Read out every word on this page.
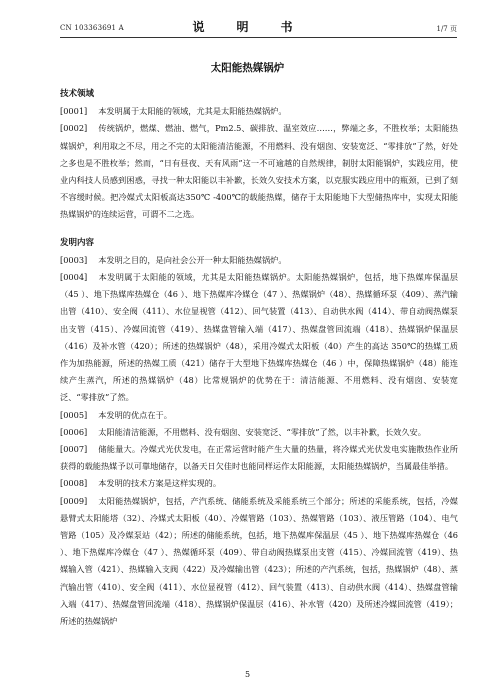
CN 103363691 A	说　明　书	1/7 页
太阳能热媒锅炉
技术领域

[0001] 本发明属于太阳能的领域，尤其是太阳能热媒锅炉。

[0002] 传统锅炉，燃煤、燃油、燃气，Pm2.5、碳排放、温室效应……，弊端之多，不胜枚举；太阳能热媒锅炉，利用取之不尽，用之不完的太阳能清洁能源，不用燃料、没有烟囱、安装宽泛、“零排放”了然，好处之多也是不胜枚举；然而，“日有昼夜、天有风雨”这一不可逾越的自然规律，制肘太阳能锅炉，实践应用，使业内科技人员感到困惑，寻找一种太阳能以丰补歉，长效久安技术方案，以克服实践应用中的瓶颈，已到了刻不容缓时候。把冷媒式太阳板高达350℃ -400℃的载能热媒，储存于太阳能地下大型储热库中，实现太阳能热媒锅炉的连续运营，可谓不二之选。

发明内容

[0003] 本发明之目的，是向社会公开一种太阳能热媒锅炉。

[0004] 本发明属于太阳能的领域，尤其是太阳能热媒锅炉。太阳能热媒锅炉，包括，地下热媒库保温层（45 ）、地下热媒库热媒仓（46 ）、地下热媒库冷媒仓（47 ）、热媒锅炉（48）、热媒循环泵（409）、蒸汽输出管（410）、安全阀（411）、水位显视管（412）、回气装置（413）、自动供水阀（414）、带自动阀热媒泵出支管（415）、冷媒回流管（419）、热媒盘管输入端（417）、热媒盘管回流端（418）、热媒锅炉保温层（416）及补水管（420）；所述的热媒锅炉（48），采用冷媒式太阳板（40）产生的高达 350℃的热媒工质作为加热能源，所述的热媒工质（421）储存于大型地下热媒库热媒仓（46 ）中，保障热媒锅炉（48）能连续产生蒸汽，所述的热媒锅炉（48）比常规锅炉的优势在于：清洁能源、不用燃料、没有烟囱、安装宽泛、“零排放”了然。

[0005] 本发明的优点在于。

[0006] 太阳能清洁能源，不用燃料、没有烟囱、安装宽泛、“零排放”了然，以丰补歉，长效久安。

[0007] 储能量大。冷媒式光伏发电，在正常运营时能产生大量的热量，将冷媒式光伏发电实施散热作业所获得的载能热媒予以可靠地储存，以备天日欠佳时也能同样运作太阳能源，太阳能热媒锅炉，当属最佳举措。

[0008] 本发明的技术方案是这样实现的。

[0009] 太阳能热媒锅炉，包括，产汽系统、储能系统及采能系统三个部分；所述的采能系统，包括，冷媒悬臂式太阳能塔（32）、冷媒式太阳板（40）、冷媒管路（103）、热媒管路（103）、液压管路（104）、电气管路（105）及冷媒泵站（42）；所述的储能系统，包括，地下热媒库保温层（45 ）、地下热媒库热媒仓（46 ）、地下热媒库冷媒仓（47 ）、热媒循环泵（409）、带自动阀热媒泵出支管（415）、冷媒回流管（419）、热媒输入管（421）、热媒输入支阀（422）及冷媒输出管（423）；所述的产汽系统，包括，热媒锅炉（48）、蒸汽输出管（410）、安全阀（411）、水位显视管（412）、回气装置（413）、自动供水阀（414）、热媒盘管输入端（417）、热媒盘管回流端（418）、热媒锅炉保温层（416）、补水管（420）及所述冷媒回流管（419）；所述的热媒锅炉

5
